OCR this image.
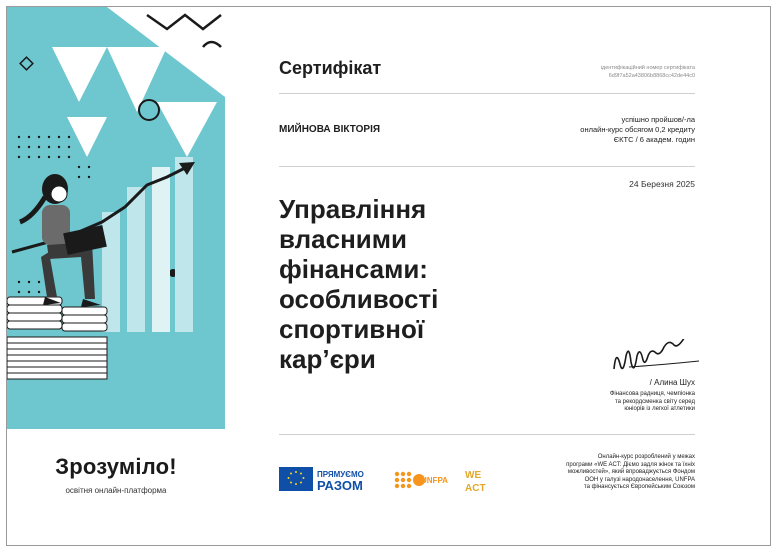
Зрозуміло!
освітня онлайн-платформа
Сертифікат	ідентифікаційний номер сертифіката
6d9f7a52a43806b8868cc42de44c0
МИЙНОВА ВІКТОРІЯ
успішно пройшов/-ла
онлайн-курс обсягом 0,2 кредиту
ЄКТС / 6 академ. годин
24 Березня 2025
Управління
власними фінансами:
особливості
спортивної
кар’єри
/ Алина Шух
Фінансова радниця, чемпіонка
та рекордсменка світу серед
юніорів із легкої атлетики
ПРЯМУЄМО
РАЗОМ	UNFPA WE
ACT
Онлайн-курс розроблений у межах
програми «WE ACT: Діємо задля жінок та їхніх
можливостей», який впроваджується Фондом
ООН у галузі народонаселення, UNFPA
та фінансується Європейським Союзом
